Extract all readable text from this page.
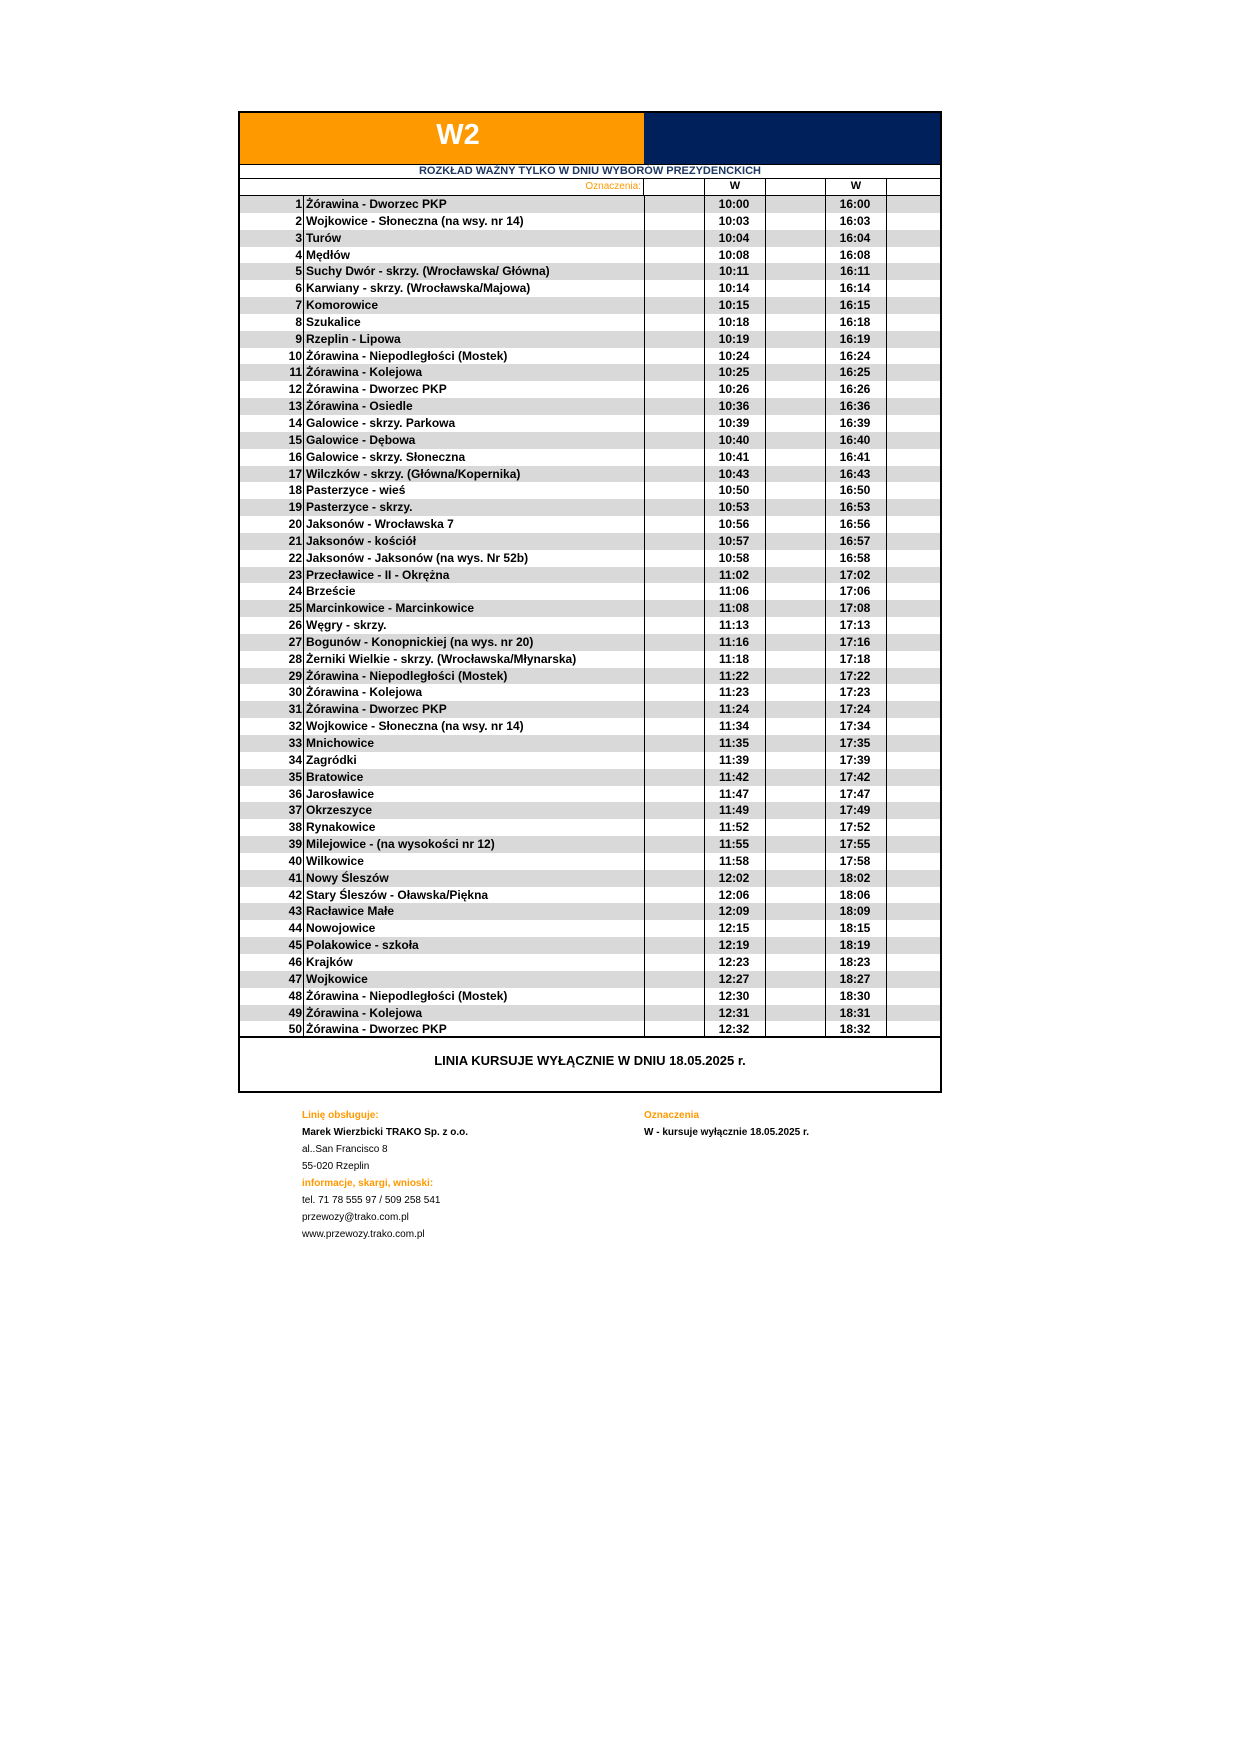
W2
ROZKŁAD WAŻNY TYLKO W DNIU WYBORÓW PREZYDENCKICH
Oznaczenia:	W	W
1 Żórawina - Dworzec PKP	10:00	16:00
2 Wojkowice - Słoneczna (na wsy. nr 14)	10:03	16:03
3 Turów	10:04	16:04
4 Mędłów	10:08	16:08
5 Suchy Dwór - skrzy. (Wrocławska/ Główna)	10:11	16:11
6 Karwiany - skrzy. (Wrocławska/Majowa)	10:14	16:14
7 Komorowice	10:15	16:15
8 Szukalice	10:18	16:18
9 Rzeplin - Lipowa	10:19	16:19
10 Żórawina - Niepodległości (Mostek)	10:24	16:24
11 Żórawina - Kolejowa	10:25	16:25
12 Żórawina - Dworzec PKP	10:26	16:26
13 Żórawina - Osiedle	10:36	16:36
14 Galowice - skrzy. Parkowa	10:39	16:39
15 Galowice - Dębowa	10:40	16:40
16 Galowice - skrzy. Słoneczna	10:41	16:41
17 Wilczków - skrzy. (Główna/Kopernika)	10:43	16:43
18 Pasterzyce - wieś	10:50	16:50
19 Pasterzyce - skrzy.	10:53	16:53
20 Jaksonów - Wrocławska 7	10:56	16:56
21 Jaksonów - kościół	10:57	16:57
22 Jaksonów - Jaksonów (na wys. Nr 52b)	10:58	16:58
23 Przecławice - II - Okrężna	11:02	17:02
24 Brzeście	11:06	17:06
25 Marcinkowice - Marcinkowice	11:08	17:08
26 Węgry - skrzy.	11:13	17:13
27 Bogunów - Konopnickiej (na wys. nr 20)	11:16	17:16
28 Żerniki Wielkie - skrzy. (Wrocławska/Młynarska)	11:18	17:18
29 Żórawina - Niepodległości (Mostek)	11:22	17:22
30 Żórawina - Kolejowa	11:23	17:23
31 Żórawina - Dworzec PKP	11:24	17:24
32 Wojkowice - Słoneczna (na wsy. nr 14)	11:34	17:34
33 Mnichowice	11:35	17:35
34 Zagródki	11:39	17:39
35 Bratowice	11:42	17:42
36 Jarosławice	11:47	17:47
37 Okrzeszyce	11:49	17:49
38 Rynakowice	11:52	17:52
39 Milejowice - (na wysokości nr 12)	11:55	17:55
40 Wilkowice	11:58	17:58
41 Nowy Śleszów	12:02	18:02
42 Stary Śleszów - Oławska/Piękna	12:06	18:06
43 Racławice Małe	12:09	18:09
44 Nowojowice	12:15	18:15
45 Polakowice - szkoła	12:19	18:19
46 Krajków	12:23	18:23
47 Wojkowice	12:27	18:27
48 Żórawina - Niepodległości (Mostek)	12:30	18:30
49 Żórawina - Kolejowa	12:31	18:31
50 Żórawina - Dworzec PKP	12:32	18:32
LINIA KURSUJE WYŁĄCZNIE W DNIU 18.05.2025 r.
Linię obsługuje:
Marek Wierzbicki TRAKO Sp. z o.o.
al..San Francisco 8
55-020 Rzeplin
informacje, skargi, wnioski:
tel. 71 78 555 97 / 509 258 541
przewozy@trako.com.pl
www.przewozy.trako.com.pl
Oznaczenia
W - kursuje wyłącznie 18.05.2025 r.
